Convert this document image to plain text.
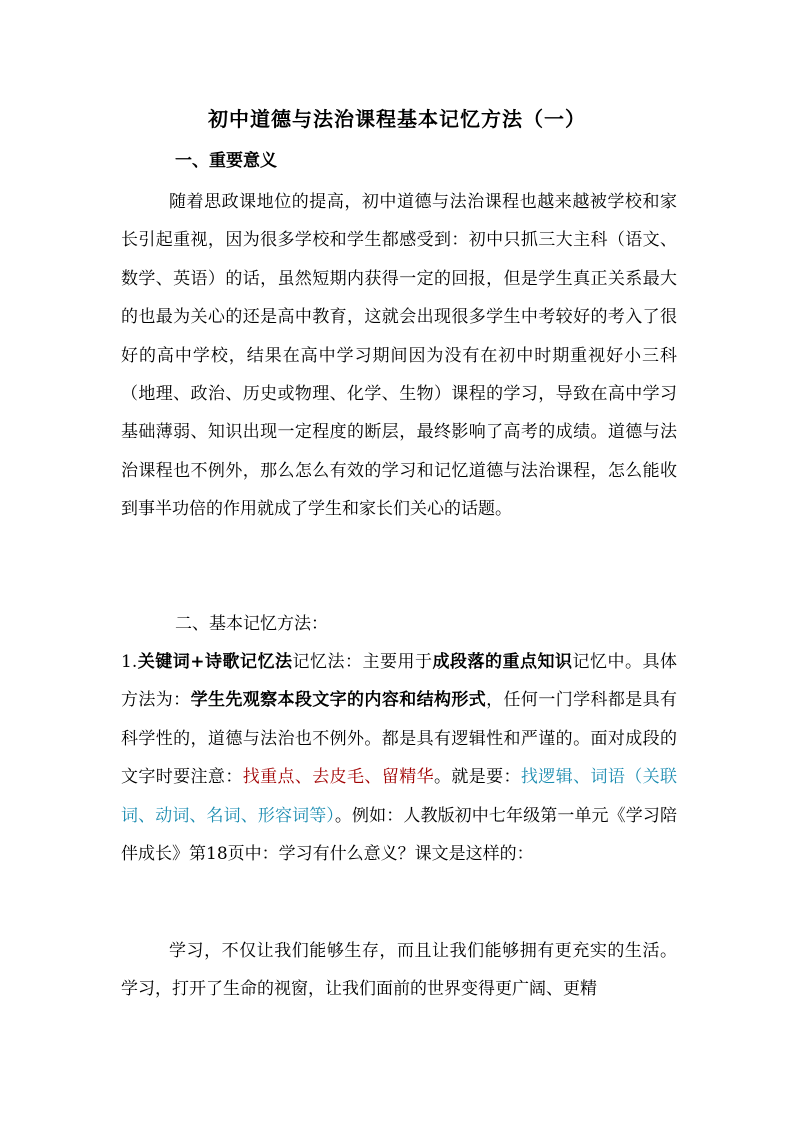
初中道德与法治课程基本记忆方法（一）
一、重要意义
随着思政课地位的提高，初中道德与法治课程也越来越被学校和家长引起重视，因为很多学校和学生都感受到：初中只抓三大主科（语文、数学、英语）的话，虽然短期内获得一定的回报，但是学生真正关系最大的也最为关心的还是高中教育，这就会出现很多学生中考较好的考入了很好的高中学校，结果在高中学习期间因为没有在初中时期重视好小三科（地理、政治、历史或物理、化学、生物）课程的学习，导致在高中学习基础薄弱、知识出现一定程度的断层，最终影响了高考的成绩。道德与法治课程也不例外，那么怎么有效的学习和记忆道德与法治课程，怎么能收到事半功倍的作用就成了学生和家长们关心的话题。
二、基本记忆方法：
1.关键词+诗歌记忆法记忆法：主要用于成段落的重点知识记忆中。具体方法为：学生先观察本段文字的内容和结构形式，任何一门学科都是具有科学性的，道德与法治也不例外。都是具有逻辑性和严谨的。面对成段的文字时要注意：找重点、去皮毛、留精华。就是要：找逻辑、词语（关联词、动词、名词、形容词等）。例如：人教版初中七年级第一单元《学习陪伴成长》第18页中：学习有什么意义？课文是这样的：
学习，不仅让我们能够生存，而且让我们能够拥有更充实的生活。学习，打开了生命的视窗，让我们面前的世界变得更广阔、更精
